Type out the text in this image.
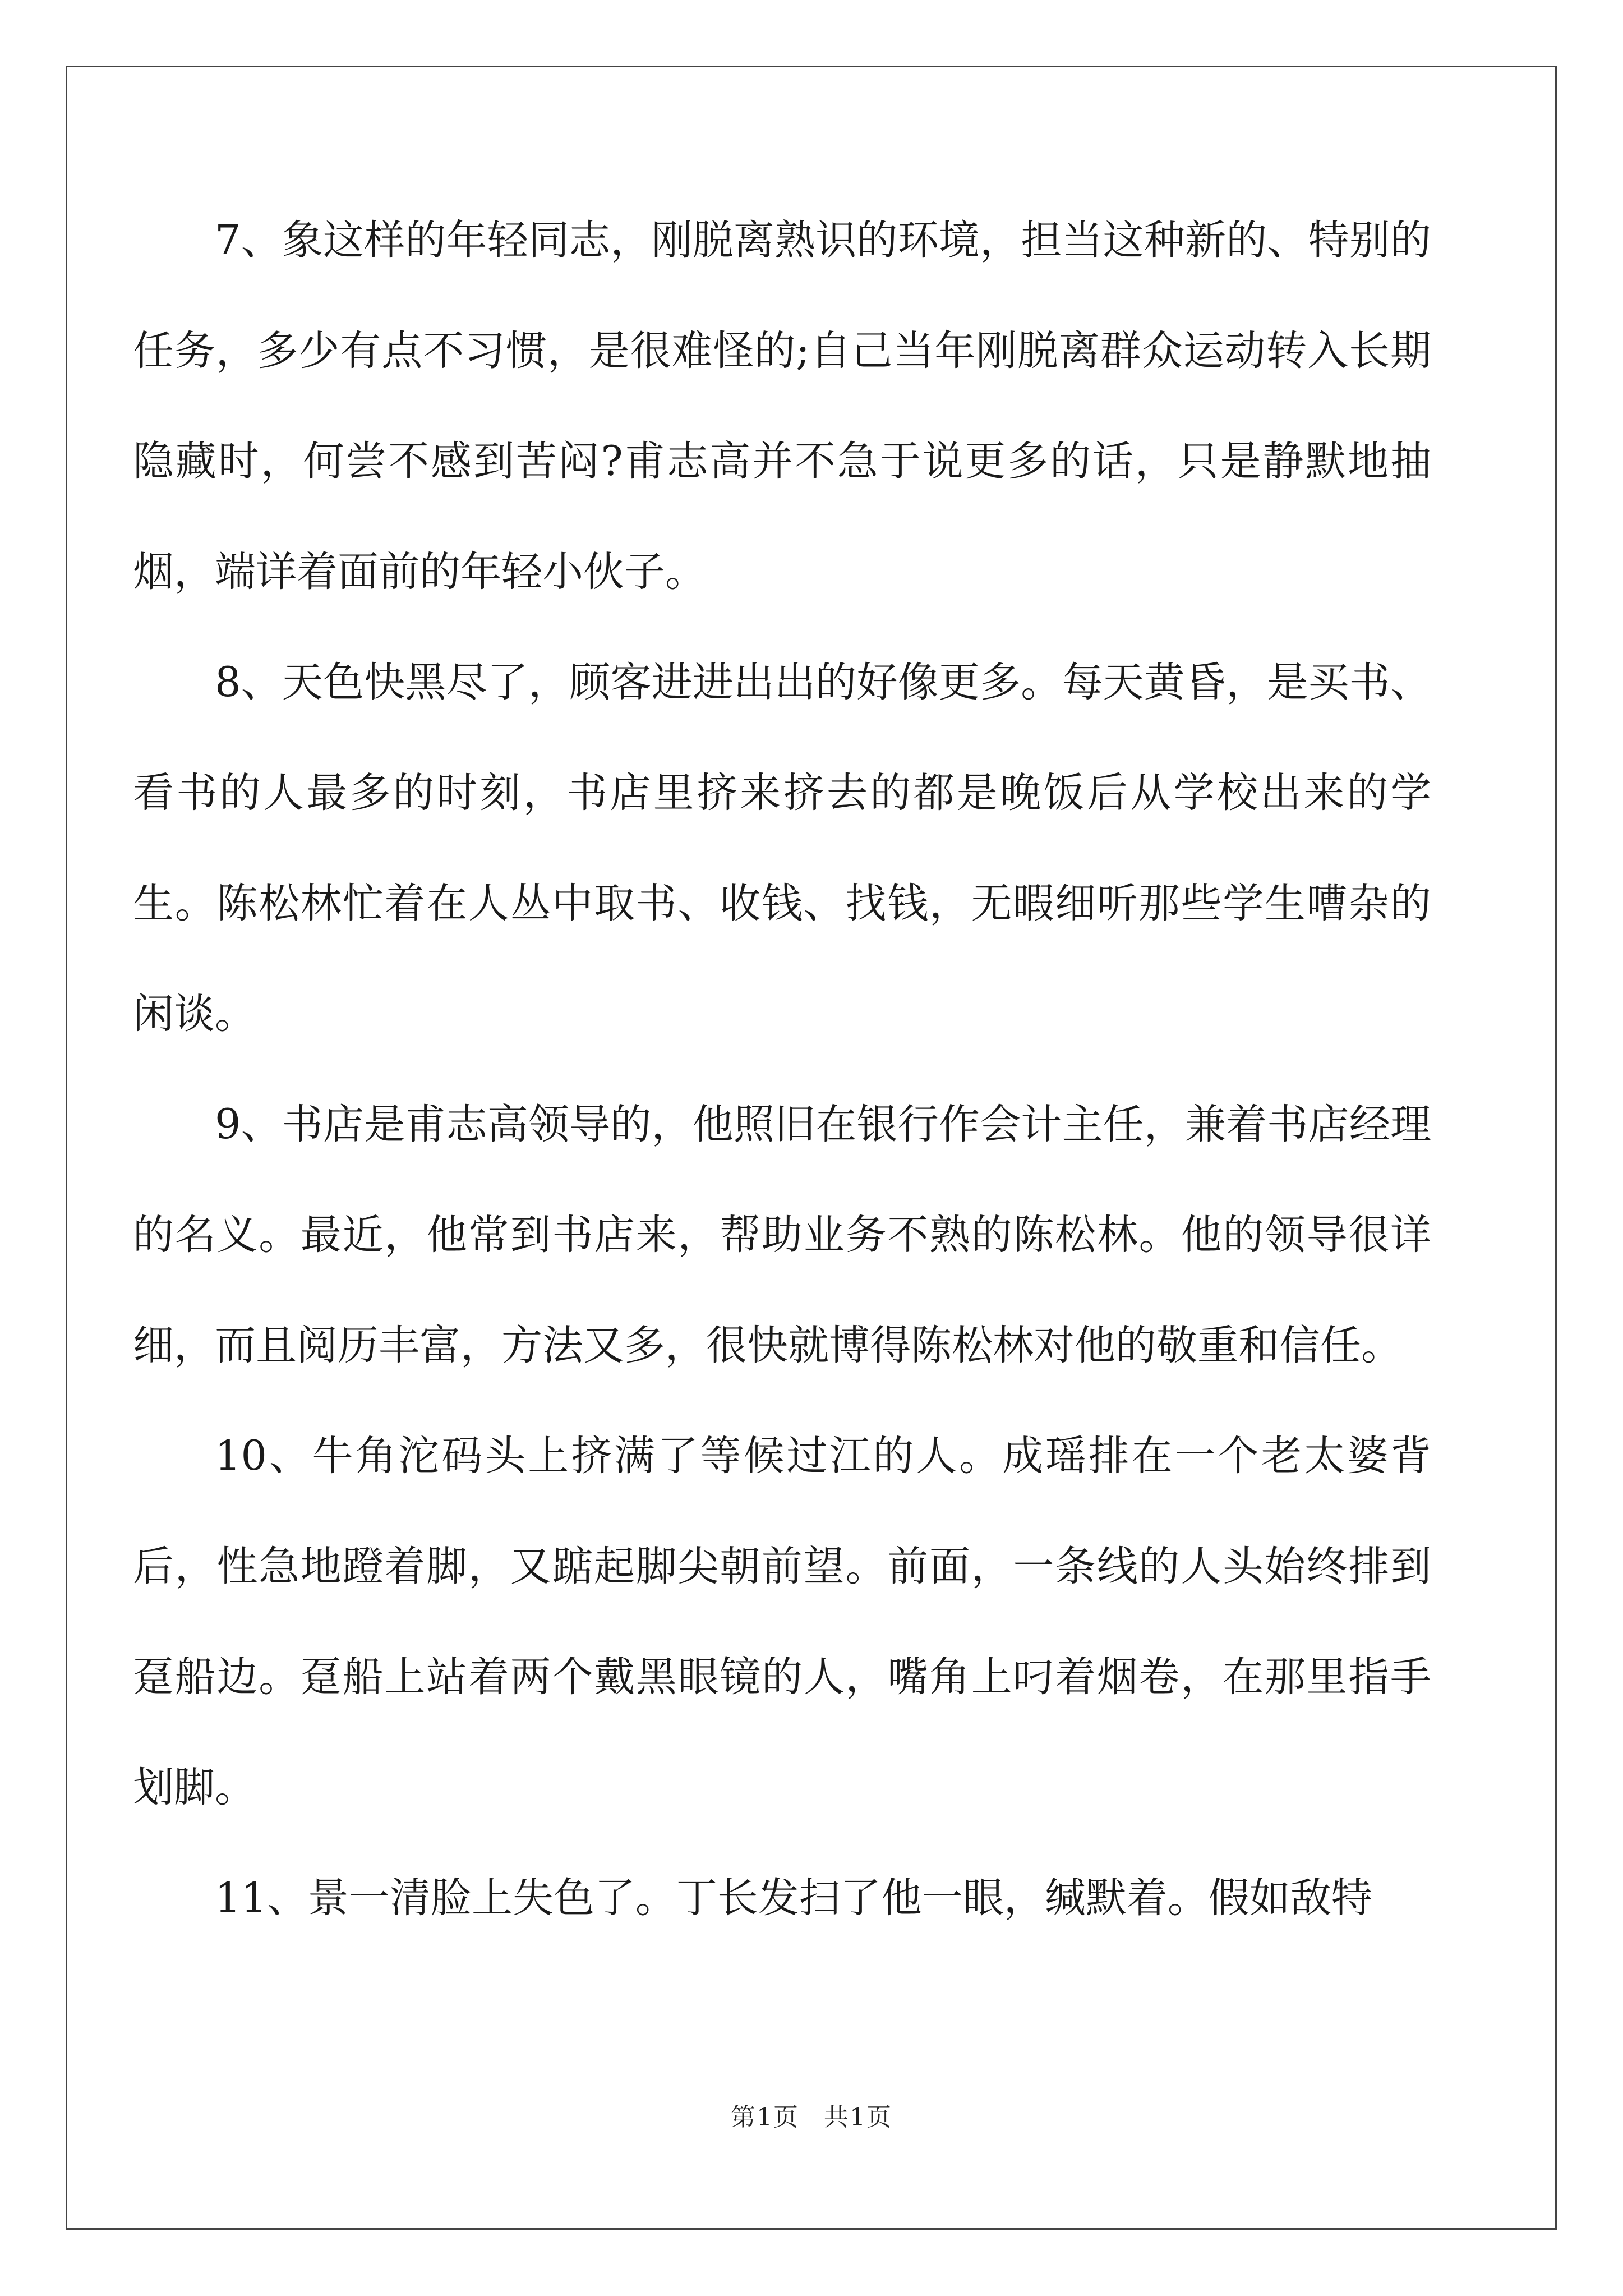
7、象这样的年轻同志，刚脱离熟识的环境，担当这种新的、特别的任务，多少有点不习惯，是很难怪的;自己当年刚脱离群众运动转入长期隐藏时，何尝不感到苦闷?甫志高并不急于说更多的话，只是静默地抽烟，端详着面前的年轻小伙子。

8、天色快黑尽了，顾客进进出出的好像更多。每天黄昏，是买书、看书的人最多的时刻，书店里挤来挤去的都是晚饭后从学校出来的学生。陈松林忙着在人丛中取书、收钱、找钱，无暇细听那些学生嘈杂的闲谈。

9、书店是甫志高领导的，他照旧在银行作会计主任，兼着书店经理的名义。最近，他常到书店来，帮助业务不熟的陈松林。他的领导很详细，而且阅历丰富，方法又多，很快就博得陈松林对他的敬重和信任。

10、牛角沱码头上挤满了等候过江的人。成瑶排在一个老太婆背后，性急地蹬着脚，又踮起脚尖朝前望。前面，一条线的人头始终排到趸船边。趸船上站着两个戴黑眼镜的人，嘴角上叼着烟卷，在那里指手划脚。

11、景一清脸上失色了。丁长发扫了他一眼，缄默着。假如敌特

第1页 共1页
